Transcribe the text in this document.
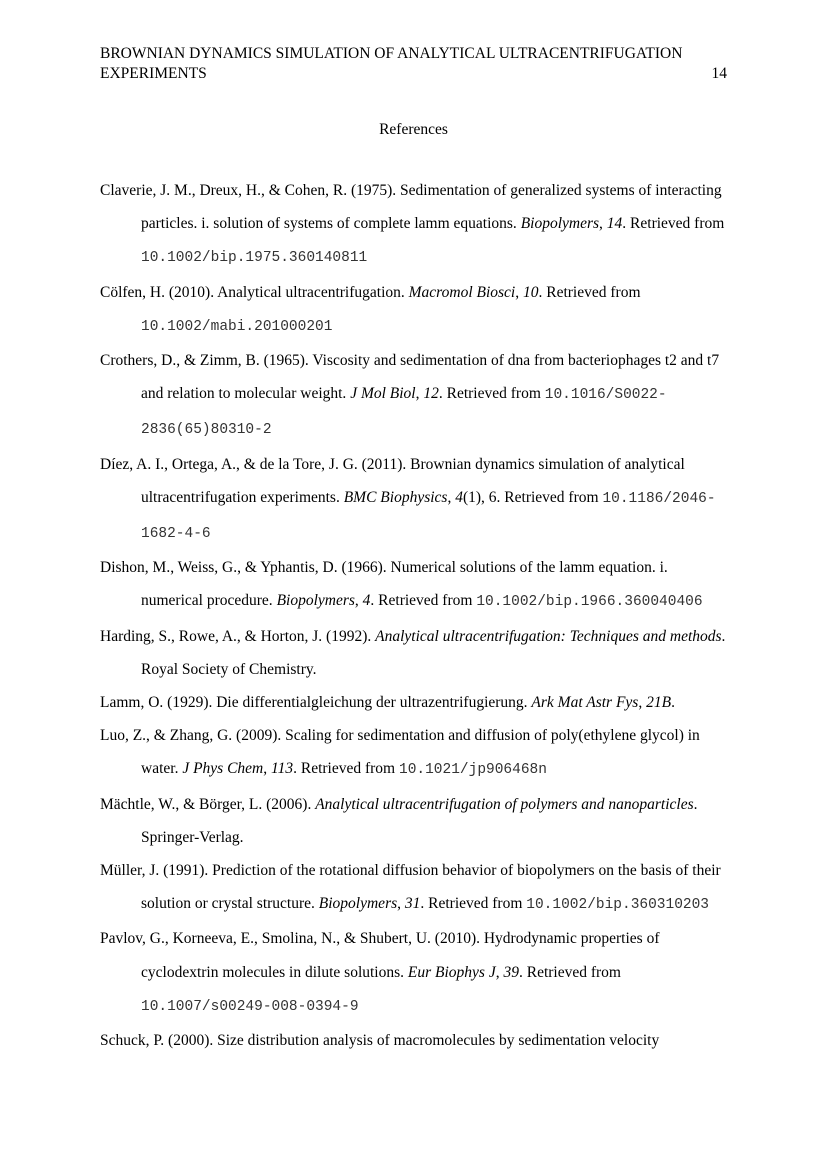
BROWNIAN DYNAMICS SIMULATION OF ANALYTICAL ULTRACENTRIFUGATION
EXPERIMENTS	14
References
Claverie, J. M., Dreux, H., & Cohen, R. (1975). Sedimentation of generalized systems of interacting particles. i. solution of systems of complete lamm equations. Biopolymers, 14. Retrieved from 10.1002/bip.1975.360140811
Cölfen, H. (2010). Analytical ultracentrifugation. Macromol Biosci, 10. Retrieved from 10.1002/mabi.201000201
Crothers, D., & Zimm, B. (1965). Viscosity and sedimentation of dna from bacteriophages t2 and t7 and relation to molecular weight. J Mol Biol, 12. Retrieved from 10.1016/S0022-2836(65)80310-2
Díez, A. I., Ortega, A., & de la Tore, J. G. (2011). Brownian dynamics simulation of analytical ultracentrifugation experiments. BMC Biophysics, 4(1), 6. Retrieved from 10.1186/2046-1682-4-6
Dishon, M., Weiss, G., & Yphantis, D. (1966). Numerical solutions of the lamm equation. i. numerical procedure. Biopolymers, 4. Retrieved from 10.1002/bip.1966.360040406
Harding, S., Rowe, A., & Horton, J. (1992). Analytical ultracentrifugation: Techniques and methods. Royal Society of Chemistry.
Lamm, O. (1929). Die differentialgleichung der ultrazentrifugierung. Ark Mat Astr Fys, 21B.
Luo, Z., & Zhang, G. (2009). Scaling for sedimentation and diffusion of poly(ethylene glycol) in water. J Phys Chem, 113. Retrieved from 10.1021/jp906468n
Mächtle, W., & Börger, L. (2006). Analytical ultracentrifugation of polymers and nanoparticles. Springer-Verlag.
Müller, J. (1991). Prediction of the rotational diffusion behavior of biopolymers on the basis of their solution or crystal structure. Biopolymers, 31. Retrieved from 10.1002/bip.360310203
Pavlov, G., Korneeva, E., Smolina, N., & Shubert, U. (2010). Hydrodynamic properties of cyclodextrin molecules in dilute solutions. Eur Biophys J, 39. Retrieved from 10.1007/s00249-008-0394-9
Schuck, P. (2000). Size distribution analysis of macromolecules by sedimentation velocity
